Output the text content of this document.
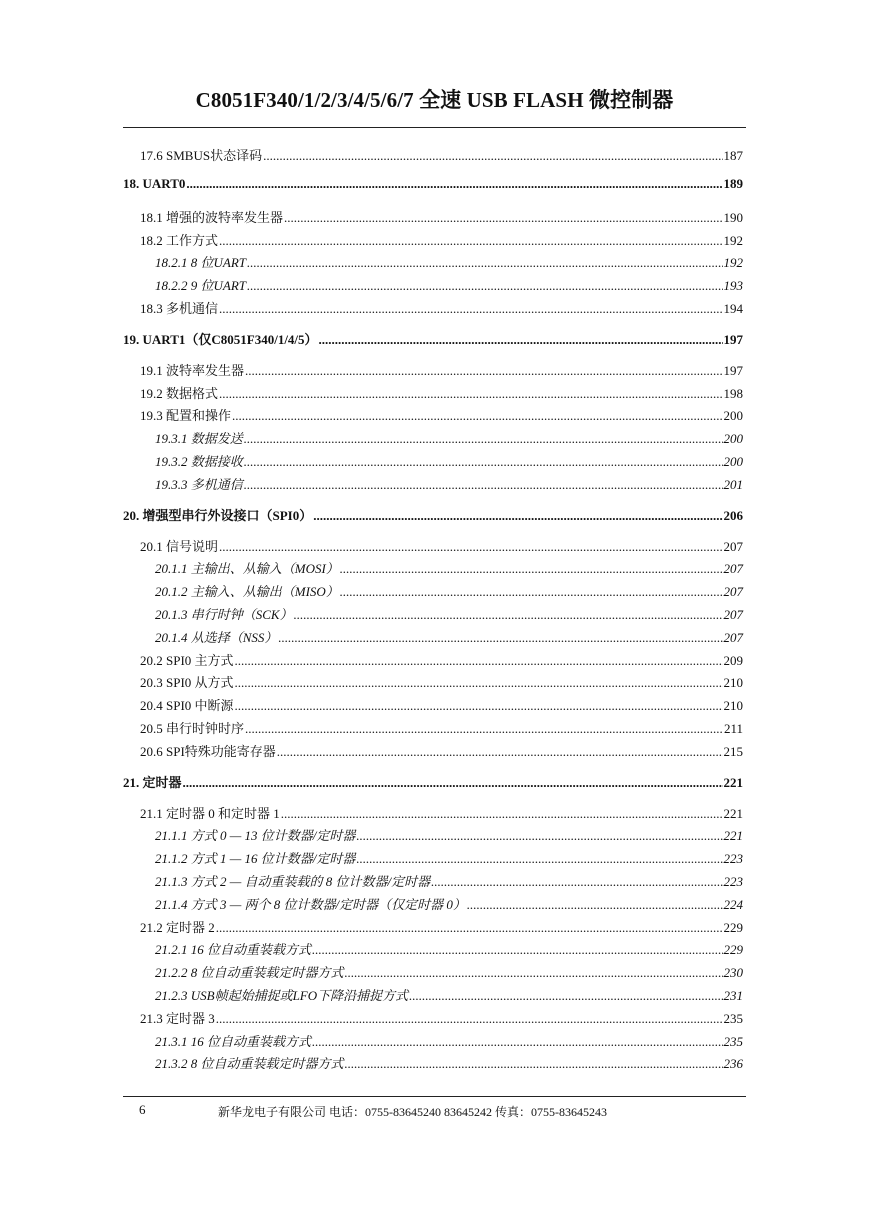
C8051F340/1/2/3/4/5/6/7 全速 USB FLASH 微控制器
17.6 SMBUS状态译码 .....	187
18. UART0 .....	189
18.1 增强的波特率发生器 .....	190
18.2 工作方式 .....	192
18.2.1 8 位UART .....	192
18.2.2 9 位UART .....	193
18.3 多机通信 .....	194
19. UART1（仅C8051F340/1/4/5） .....	197
19.1 波特率发生器 .....	197
19.2 数据格式 .....	198
19.3 配置和操作 .....	200
19.3.1 数据发送 .....	200
19.3.2 数据接收 .....	200
19.3.3 多机通信 .....	201
20. 增强型串行外设接口（SPI0） .....	206
20.1 信号说明 .....	207
20.1.1 主输出、从输入（MOSI） .....	207
20.1.2 主输入、从输出（MISO） .....	207
20.1.3 串行时钟（SCK） .....	207
20.1.4 从选择（NSS） .....	207
20.2 SPI0 主方式 .....	209
20.3 SPI0 从方式 .....	210
20.4 SPI0 中断源 .....	210
20.5 串行时钟时序 .....	211
20.6 SPI特殊功能寄存器 .....	215
21. 定时器 .....	221
21.1 定时器 0 和定时器 1 .....	221
21.1.1 方式 0 — 13 位计数器/定时器 .....	221
21.1.2 方式 1 — 16 位计数器/定时器 .....	223
21.1.3 方式 2 — 自动重装载的 8 位计数器/定时器 .....	223
21.1.4 方式 3 — 两个 8 位计数器/定时器（仅定时器 0） .....	224
21.2 定时器 2 .....	229
21.2.1 16 位自动重装载方式 .....	229
21.2.2 8 位自动重装载定时器方式 .....	230
21.2.3 USB帧起始捕捉或LFO下降沿捕捉方式 .....	231
21.3 定时器 3 .....	235
21.3.1 16 位自动重装载方式 .....	235
21.3.2 8 位自动重装载定时器方式 .....	236
6	新华龙电子有限公司 电话：0755-83645240 83645242 传真：0755-83645243
